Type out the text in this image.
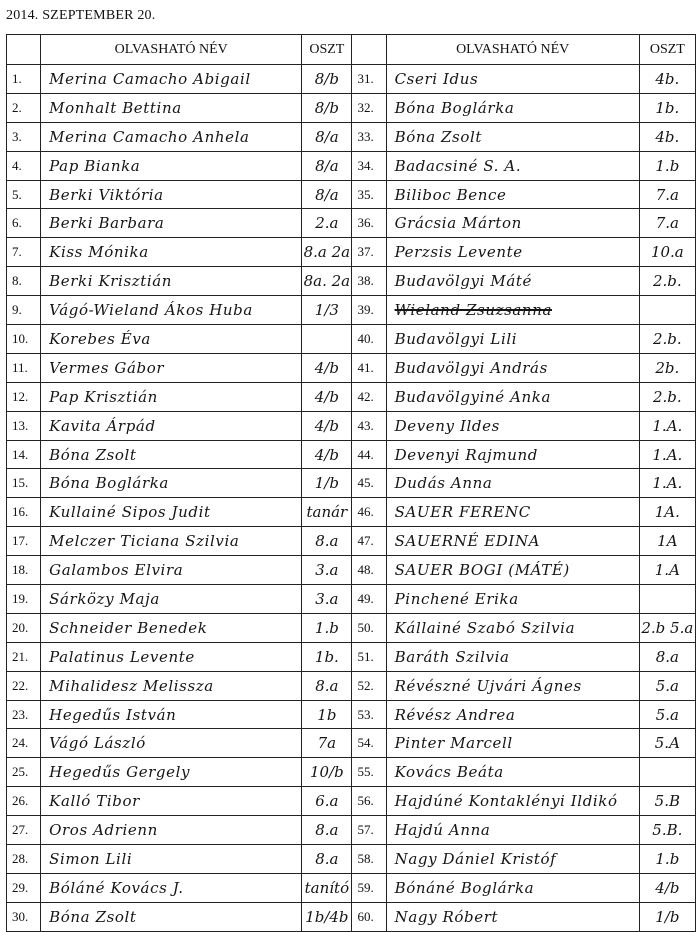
2014. SZEPTEMBER 20.
	OLVASHATÓ NÉV	OSZT		OLVASHATÓ NÉV	OSZT
1.	Merina Camacho Abigail	8/b	31.	Cseri Idus	4b.
2.	Monhalt Bettina	8/b	32.	Bóna Boglárka	1b.
3.	Merina Camacho Anhela	8/a	33.	Bóna Zsolt	4b.
4.	Pap Bianka	8/a	34.	Badacsiné S. A.	1.b
5.	Berki Viktória	8/a	35.	Biliboc Bence	7.a
6.	Berki Barbara	2.a	36.	Grácsia Márton	7.a
7.	Kiss Mónika	8.a 2a	37.	Perzsis Levente	10.a
8.	Berki Krisztián	8a. 2a	38.	Budavölgyi Máté	2.b.
9.	Vágó-Wieland Ákos Huba	1/3	39.	Wieland Zsuzsanna	
10.	Korebes Éva		40.	Budavölgyi Lili	2.b.
11.	Vermes Gábor	4/b	41.	Budavölgyi András	2b.
12.	Pap Krisztián	4/b	42.	Budavölgyiné Anka	2.b.
13.	Kavita Árpád	4/b	43.	Deveny Ildes	1.A.
14.	Bóna Zsolt	4/b	44.	Devenyi Rajmund	1.A.
15.	Bóna Boglárka	1/b	45.	Dudás Anna	1.A.
16.	Kullainé Sipos Judit	tanár	46.	SAUER FERENC	1A.
17.	Melczer Ticiana Szilvia	8.a	47.	SAUERNÉ EDINA	1A
18.	Galambos Elvira	3.a	48.	SAUER BOGI (MÁTÉ)	1.A
19.	Sárközy Maja	3.a	49.	Pinchené Erika	
20.	Schneider Benedek	1.b	50.	Kállainé Szabó Szilvia	2.b 5.a
21.	Palatinus Levente	1b.	51.	Baráth Szilvia	8.a
22.	Mihalidesz Melissza	8.a	52.	Révészné Ujvári Ágnes	5.a
23.	Hegedűs István	1b	53.	Révész Andrea	5.a
24.	Vágó László	7a	54.	Pinter Marcell	5.A
25.	Hegedűs Gergely	10/b	55.	Kovács Beáta	
26.	Kalló Tibor	6.a	56.	Hajdúné Kontaklényi Ildikó	5.B
27.	Oros Adrienn	8.a	57.	Hajdú Anna	5.B.
28.	Simon Lili	8.a	58.	Nagy Dániel Kristóf	1.b
29.	Bóláné Kovács J.	tanító	59.	Bónáné Boglárka	4/b
30.	Bóna Zsolt	1b/4b	60.	Nagy Róbert	1/b
